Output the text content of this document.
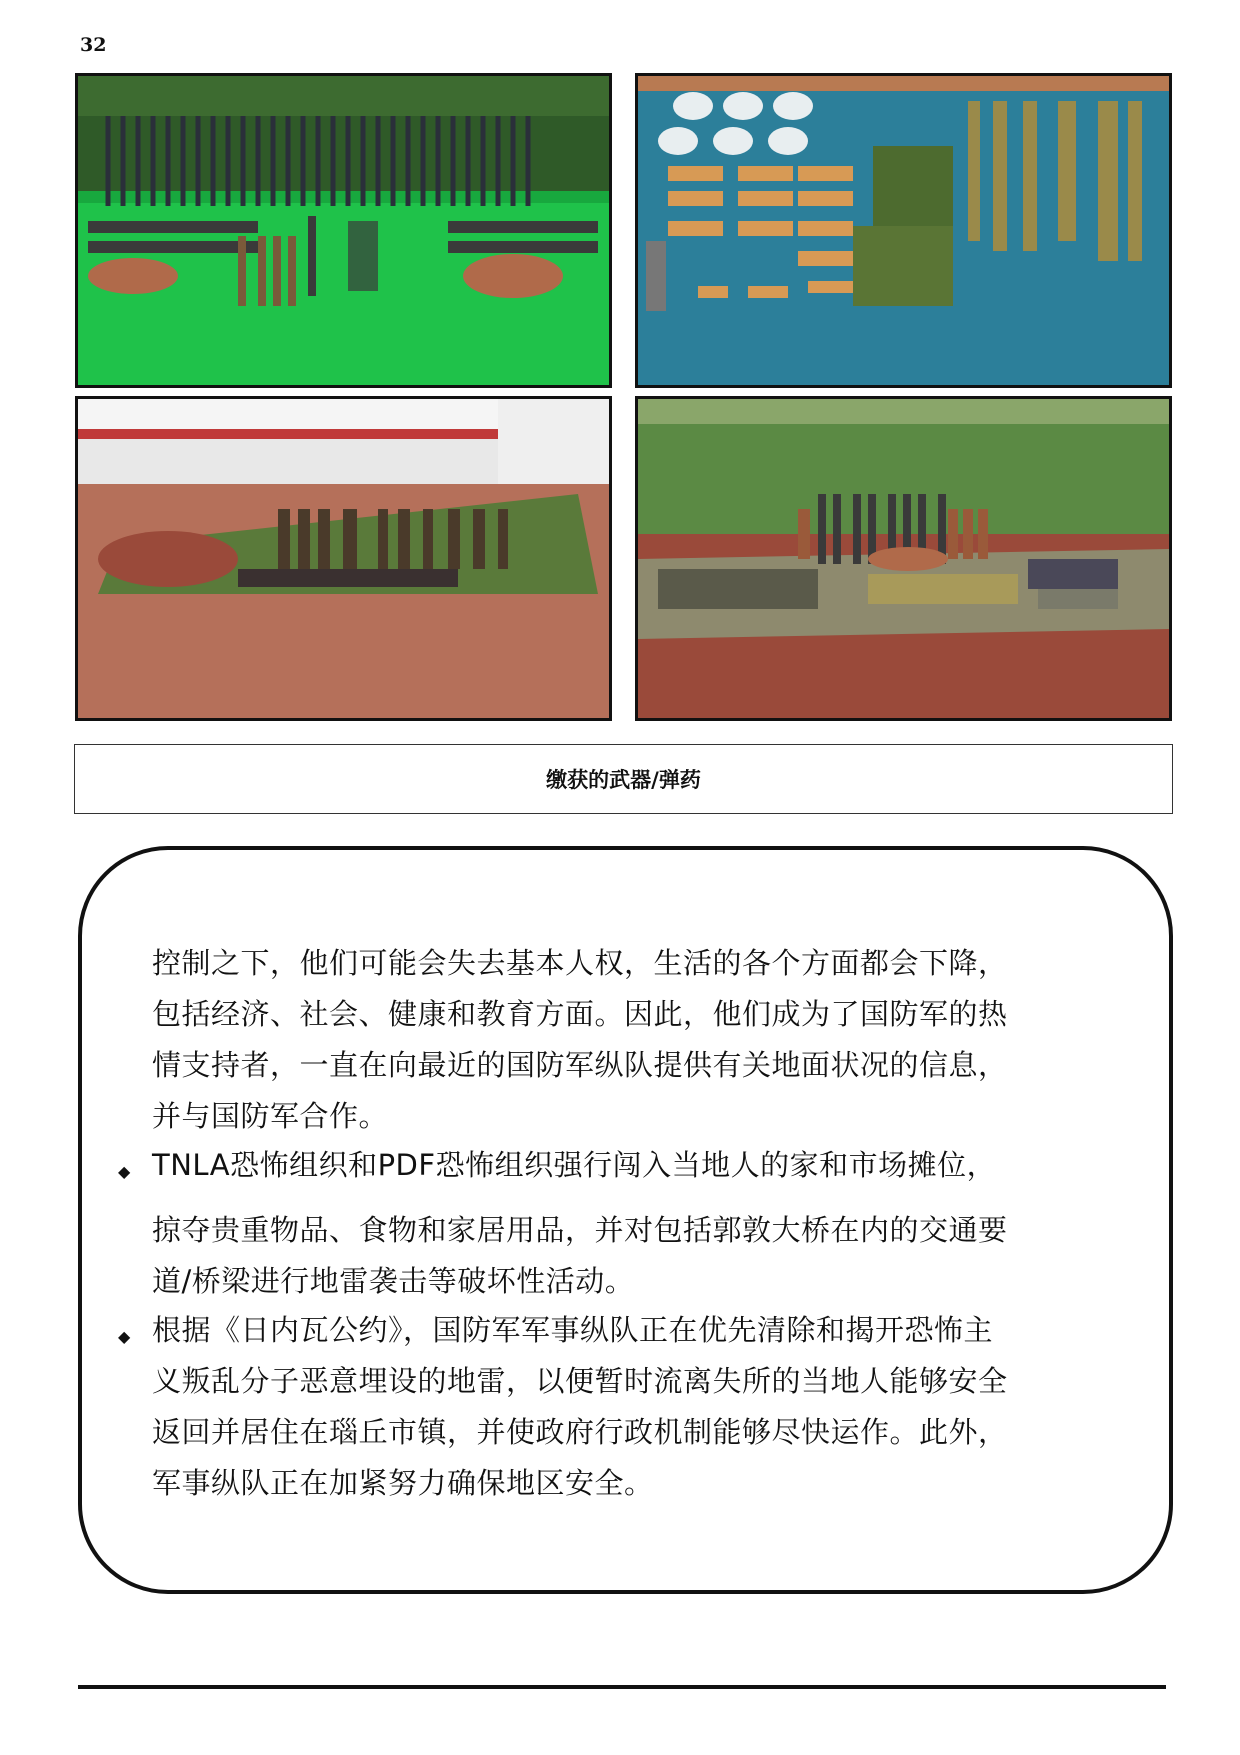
32
缴获的武器/弹药

控制之下，他们可能会失去基本人权，生活的各个方面都会下降，

包括经济、社会、健康和教育方面。因此，他们成为了国防军的热

情支持者，一直在向最近的国防军纵队提供有关地面状况的信息，

并与国防军合作。

◆ TNLA恐怖组织和PDF恐怖组织强行闯入当地人的家和市场摊位，

掠夺贵重物品、食物和家居用品，并对包括郭敦大桥在内的交通要

道/桥梁进行地雷袭击等破坏性活动。

◆ 根据《日内瓦公约》，国防军军事纵队正在优先清除和揭开恐怖主

义叛乱分子恶意埋设的地雷，以便暂时流离失所的当地人能够安全

返回并居住在瑙丘市镇，并使政府行政机制能够尽快运作。此外，

军事纵队正在加紧努力确保地区安全。
